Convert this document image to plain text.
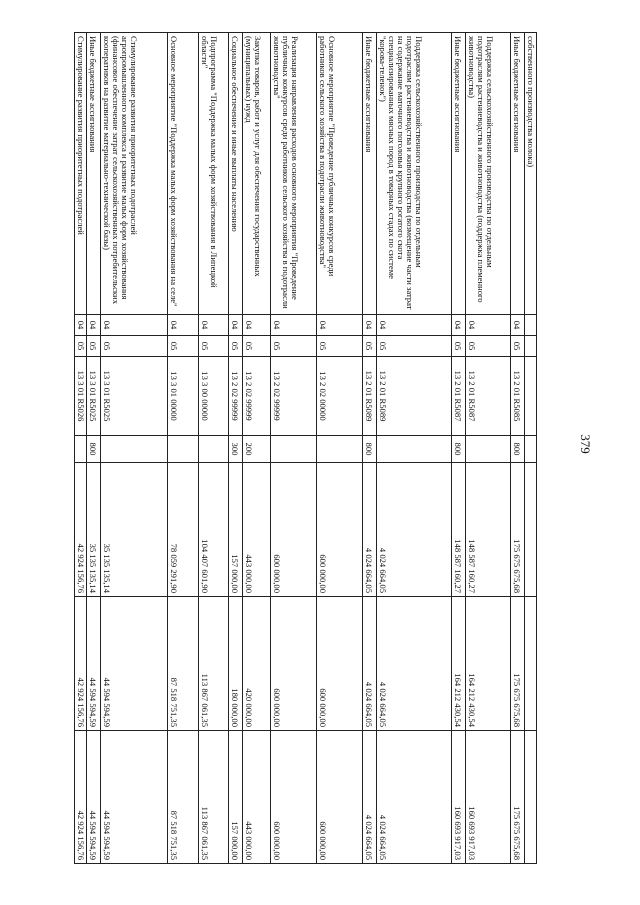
379
собственного производства молока)							
Иные бюджетные ассигнования	04	05	13 2 01 R5085	800	175 675 675,68	175 675 675,68	175 675 675,68
Поддержка сельскохозяйственного производства по отдельным подотраслям растениеводства и животноводства (поддержка племенного животноводства)	04	05	13 2 01 R5087		148 587 160,27	164 212 430,54	160 693 917,03
Иные бюджетные ассигнования	04	05	13 2 01 R5087	800	148 587 160,27	164 212 430,54	160 693 917,03
Поддержка сельскохозяйственного производства по отдельным подотраслям растениеводства и животноводства (возмещение части затрат на содержание маточного поголовья крупного рогатого скота специализированных мясных пород в товарных стадах по системе "корова-теленок")	04	05	13 2 01 R5089		4 024 664,05	4 024 664,05	4 024 664,05
Иные бюджетные ассигнования	04	05	13 2 01 R5089	800	4 024 664,05	4 024 664,05	4 024 664,05
Основное мероприятие "Проведение публичных конкурсов среди работников сельского хозяйства в подотрасли животноводства"	04	05	13 2 02 00000		600 000,00	600 000,00	600 000,00
Реализация направления расходов основного мероприятия "Проведение публичных конкурсов среди работников сельского хозяйства в подотрасли животноводства"	04	05	13 2 02 99999		600 000,00	600 000,00	600 000,00
Закупка товаров, работ и услуг для обеспечения государственных (муниципальных) нужд	04	05	13 2 02 99999	200	443 000,00	420 000,00	443 000,00
Социальное обеспечение и иные выплаты населению	04	05	13 2 02 99999	300	157 000,00	180 000,00	157 000,00
Подпрограмма "Поддержка малых форм хозяйствования в Липецкой области"	04	05	13 3 00 00000		104 407 601,90	113 867 061,35	113 867 061,35
Основное мероприятие "Поддержка малых форм хозяйствования на селе"	04	05	13 3 01 00000		78 059 291,90	87 518 751,35	87 518 751,35
Стимулирование развития приоритетных подотраслей агропромышленного комплекса и развитие малых форм хозяйствования (финансовое обеспечение затрат сельскохозяйственных потребительских кооперативов на развитие материально-технической базы)	04	05	13 3 01 R5025		35 135 135,14	44 594 594,59	44 594 594,59
Иные бюджетные ассигнования	04	05	13 3 01 R5025	800	35 135 135,14	44 594 594,59	44 594 594,59
Стимулирование развития приоритетных подотраслей	04	05	13 3 01 R5026		42 924 156,76	42 924 156,76	42 924 156,76
